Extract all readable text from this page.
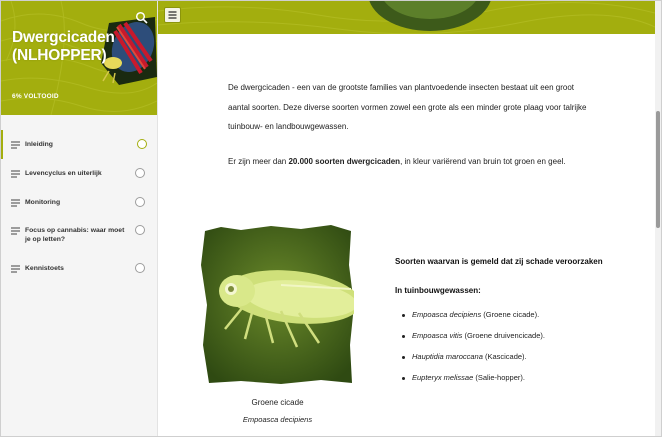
Dwergcicaden (NLHOPPER)
6% VOLTOOID
Inleiding
Levencyclus en uiterlijk
Monitoring
Focus op cannabis: waar moet je op letten?
Kennistoets

De dwergcicaden - een van de grootste families van plantvoedende insecten bestaat uit een groot aantal soorten. Deze diverse soorten vormen zowel een grote als een minder grote plaag voor talrijke tuinbouw- en landbouwgewassen.

Er zijn meer dan 20.000 soorten dwergcicaden, in kleur variërend van bruin tot groen en geel.

Groene cicade
Empoasca decipiens
Soorten waarvan is gemeld dat zij schade veroorzaken
In tuinbouwgewassen:
Empoasca decipiens (Groene cicade).
Empoasca vitis (Groene druivencicade).
Hauptidia maroccana (Kascicade).
Eupteryx melissae (Salie-hopper).
